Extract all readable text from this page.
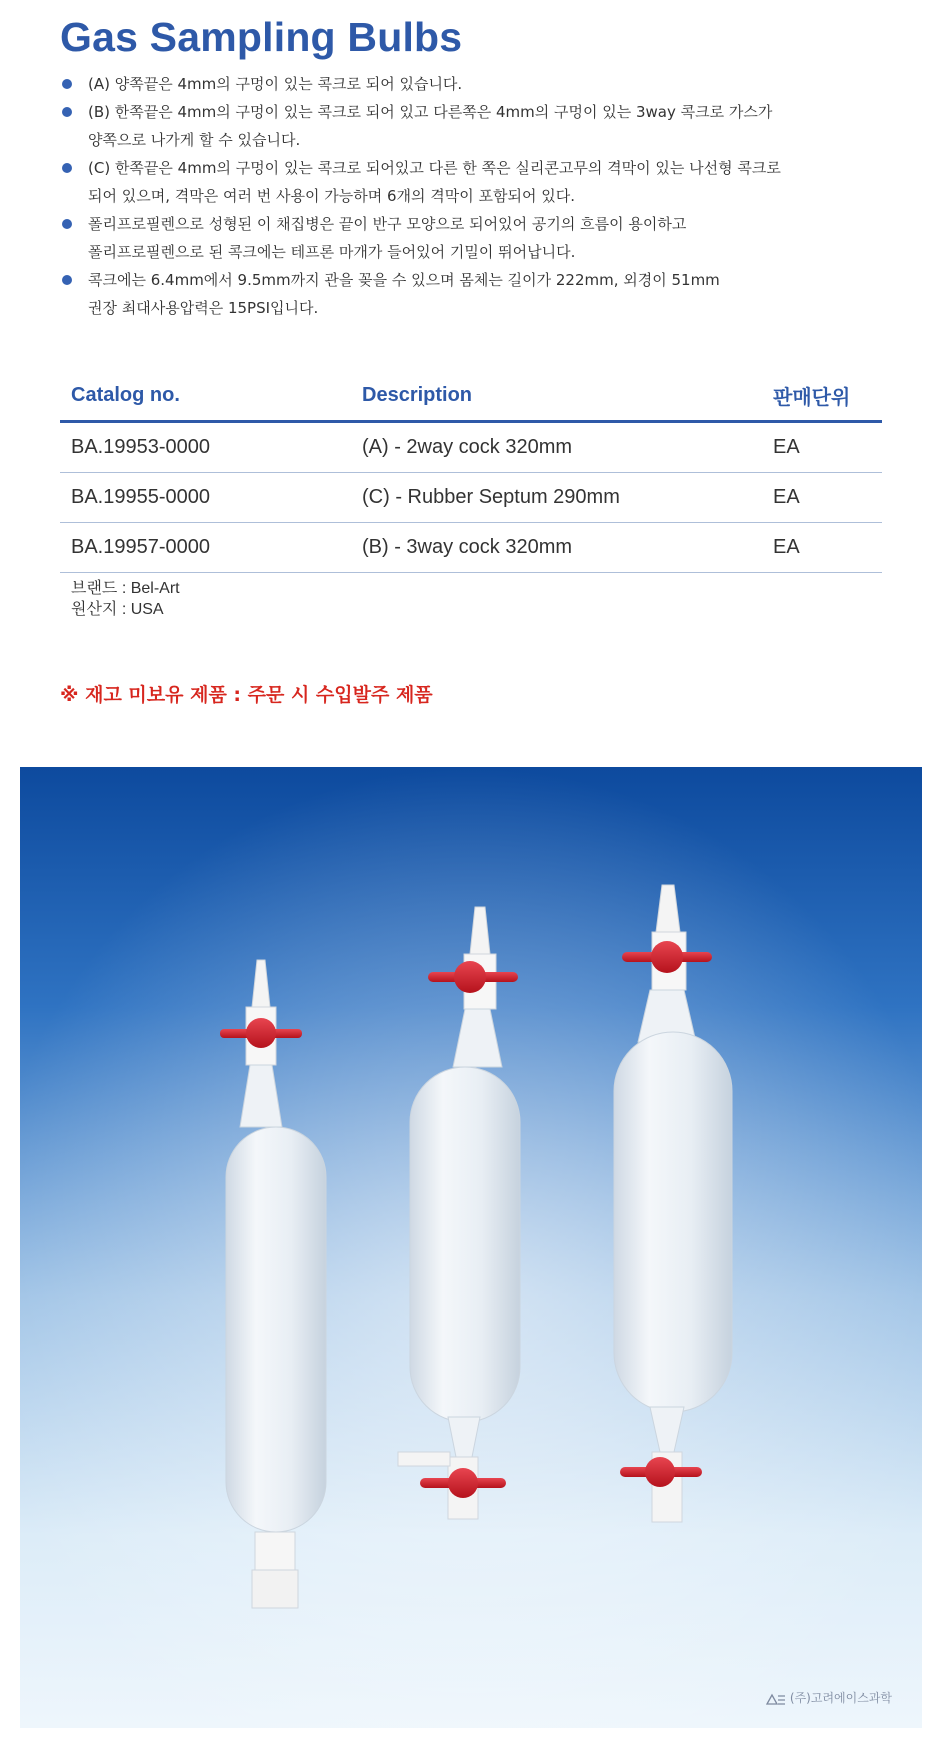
Gas Sampling Bulbs
(A) 양쪽끝은 4mm의 구멍이 있는 콕크로 되어 있습니다.
(B) 한쪽끝은 4mm의 구멍이 있는 콕크로 되어 있고 다른쪽은 4mm의 구멍이 있는 3way 콕크로 가스가
양쪽으로 나가게 할 수 있습니다.
(C) 한쪽끝은 4mm의 구멍이 있는 콕크로 되어있고 다른 한 쪽은 실리콘고무의 격막이 있는 나선형 콕크로
되어 있으며, 격막은 여러 번 사용이 가능하며 6개의 격막이 포함되어 있다.
폴리프로필렌으로 성형된 이 채집병은 끝이 반구 모양으로 되어있어 공기의 흐름이 용이하고
폴리프로필렌으로 된 콕크에는 테프론 마개가 들어있어 기밀이 뛰어납니다.
콕크에는 6.4mm에서 9.5mm까지 관을 꽂을 수 있으며 몸체는 길이가 222mm, 외경이 51mm
권장 최대사용압력은 15PSI입니다.
Catalog no.	Description	판매단위
BA.19953-0000	(A) - 2way cock 320mm	EA
BA.19955-0000	(C) - Rubber Septum 290mm	EA
BA.19957-0000	(B) - 3way cock 320mm	EA
브랜드 : Bel-Art
원산지 : USA
※ 재고 미보유 제품 : 주문 시 수입발주 제품
(주)고려에이스과학
